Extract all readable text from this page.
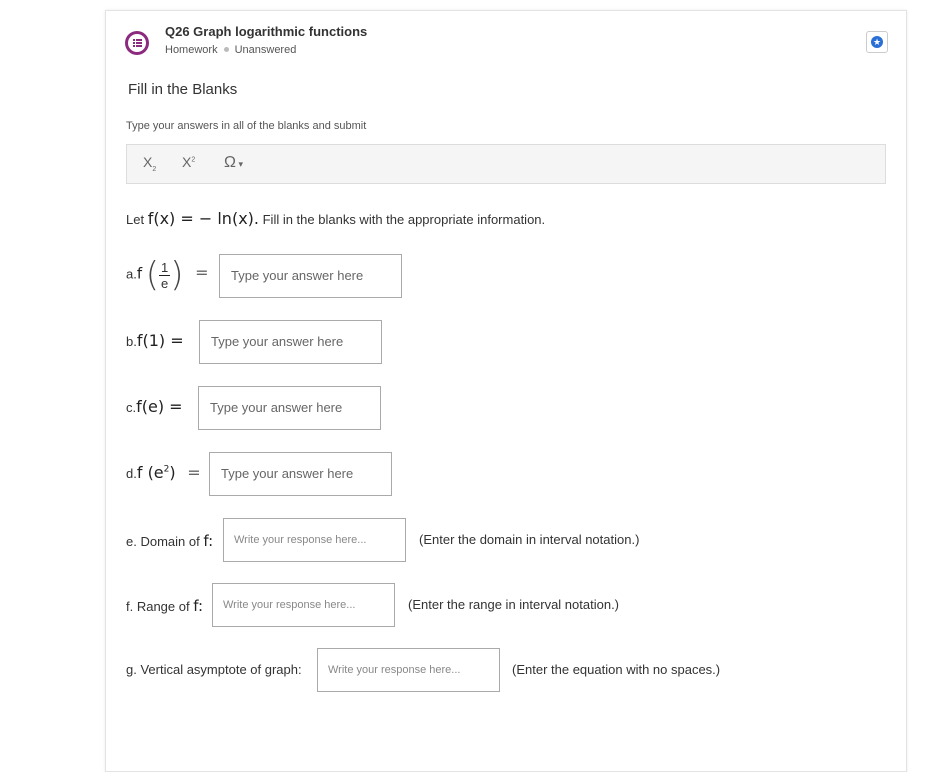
Q26 Graph logarithmic functions
Homework Unanswered
★
Fill in the Blanks
Type your answers in all of the blanks and submit
$X_2$ $X^2$ Ω ▾
Let f(x) = − ln(x). Fill in the blanks with the appropriate information.
a.f ( $\frac{1}{e}$ ) =	Type your answer here
b.f(1) =	Type your answer here
c.f(e) =	Type your answer here
d.f $(e^2)$ =	Type your answer here
e. Domain of f:	Write your response here...	(Enter the domain in interval notation.)
f. Range of f:	Write your response here...	(Enter the range in interval notation.)
g. Vertical asymptote of graph:	Write your response here...	(Enter the equation with no spaces.)
